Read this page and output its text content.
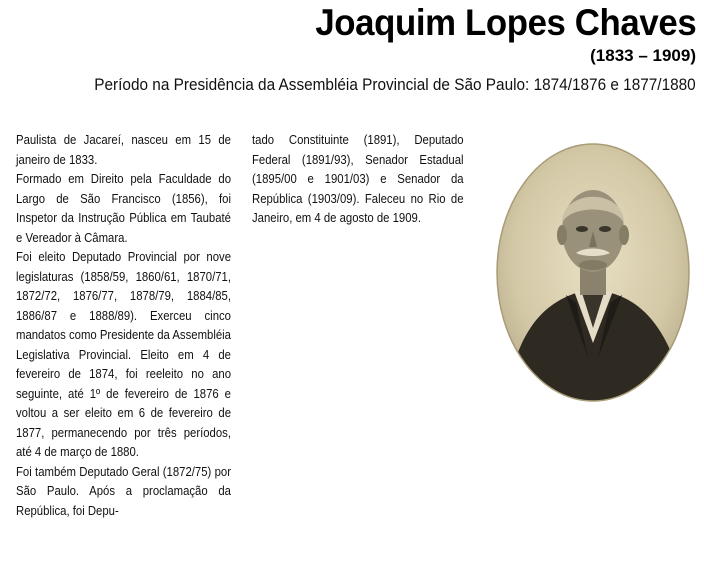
Joaquim Lopes Chaves
(1833 – 1909)
Período na Presidência da Assembléia Provincial de São Paulo: 1874/1876 e 1877/1880

Paulista de Jacareí, nasceu em 15 de janeiro de 1833.

Formado em Direito pela Faculdade do Largo de São Francisco (1856), foi Inspetor da Instrução Pública em Taubaté e Vereador à Câmara.

Foi eleito Deputado Provincial por nove legislaturas (1858/59, 1860/61, 1870/71, 1872/72, 1876/77, 1878/79, 1884/85, 1886/87 e 1888/89). Exerceu cinco mandatos como Presidente da Assembléia Legislativa Provincial. Eleito em 4 de fevereiro de 1874, foi reeleito no ano seguinte, até 1º de fevereiro de 1876 e voltou a ser eleito em 6 de fevereiro de 1877, permanecendo por três períodos, até 4 de março de 1880.

Foi também Deputado Geral (1872/75) por São Paulo. Após a proclamação da República, foi Depu-

tado Constituinte (1891), Deputado Federal (1891/93), Senador Estadual (1895/00 e 1901/03) e Senador da República (1903/09). Faleceu no Rio de Janeiro, em 4 de agosto de 1909.
